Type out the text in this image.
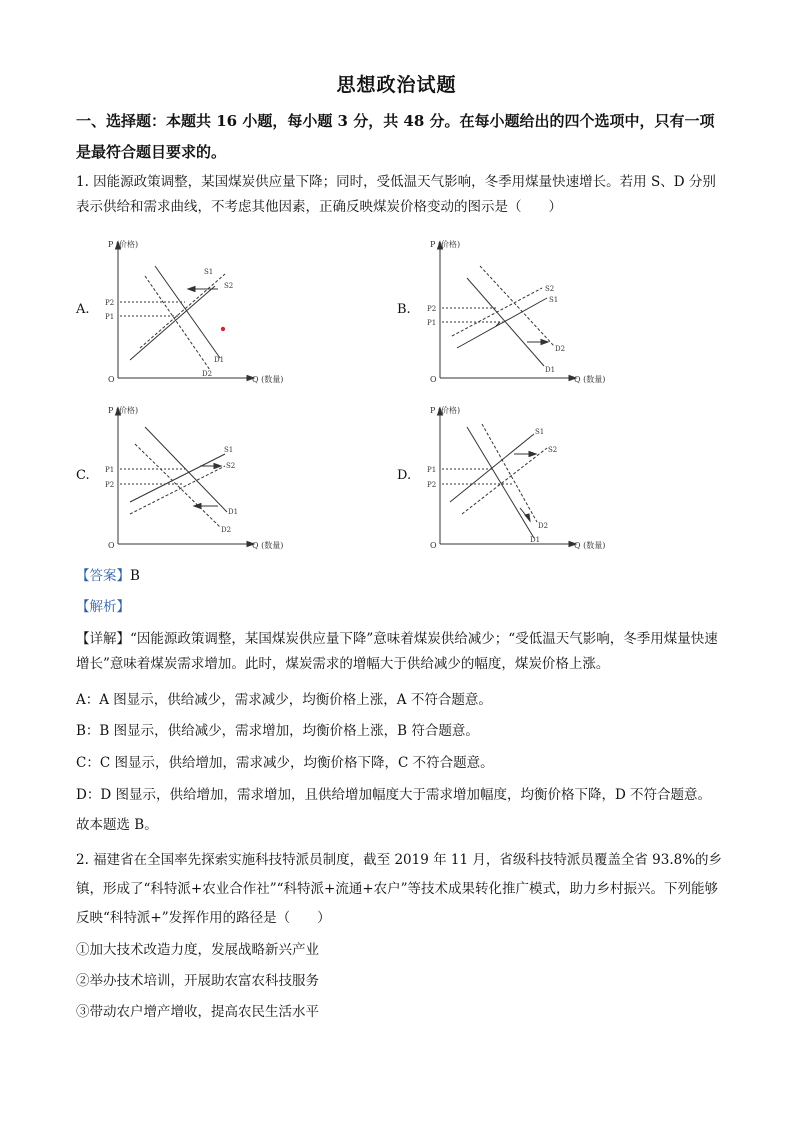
思想政治试题
一、选择题：本题共 16 小题，每小题 3 分，共 48 分。在每小题给出的四个选项中，只有一项是最符合题目要求的。
1. 因能源政策调整，某国煤炭供应量下降；同时，受低温天气影响，冬季用煤量快速增长。若用 S、D 分别表示供给和需求曲线，不考虑其他因素，正确反映煤炭价格变动的图示是（　　）
A.
P (价格)
Q (数量)
O
P2
P1
S1
S2
D1
D2
B.
P (价格)
Q (数量)
O
P2
P1
S2
S1
D2
D1
C.
P (价格)
Q (数量)
O
P1
P2
S1
S2
D1
D2
D.
P (价格)
Q (数量)
O
P1
P2
S1
S2
D2
D1
【答案】B
【解析】
【详解】“因能源政策调整，某国煤炭供应量下降”意味着煤炭供给减少；“受低温天气影响，冬季用煤量快速增长”意味着煤炭需求增加。此时，煤炭需求的增幅大于供给减少的幅度，煤炭价格上涨。
A：A 图显示，供给减少，需求减少，均衡价格上涨，A 不符合题意。
B：B 图显示，供给减少，需求增加，均衡价格上涨，B 符合题意。
C：C 图显示，供给增加，需求减少，均衡价格下降，C 不符合题意。
D：D 图显示，供给增加，需求增加，且供给增加幅度大于需求增加幅度，均衡价格下降，D 不符合题意。
故本题选 B。
2. 福建省在全国率先探索实施科技特派员制度，截至 2019 年 11 月，省级科技特派员覆盖全省 93.8%的乡镇，形成了“科特派+农业合作社”“科特派+流通+农户”等技术成果转化推广模式，助力乡村振兴。下列能够反映“科特派+”发挥作用的路径是（　　）
①加大技术改造力度，发展战略新兴产业
②举办技术培训，开展助农富农科技服务
③带动农户增产增收，提高农民生活水平
